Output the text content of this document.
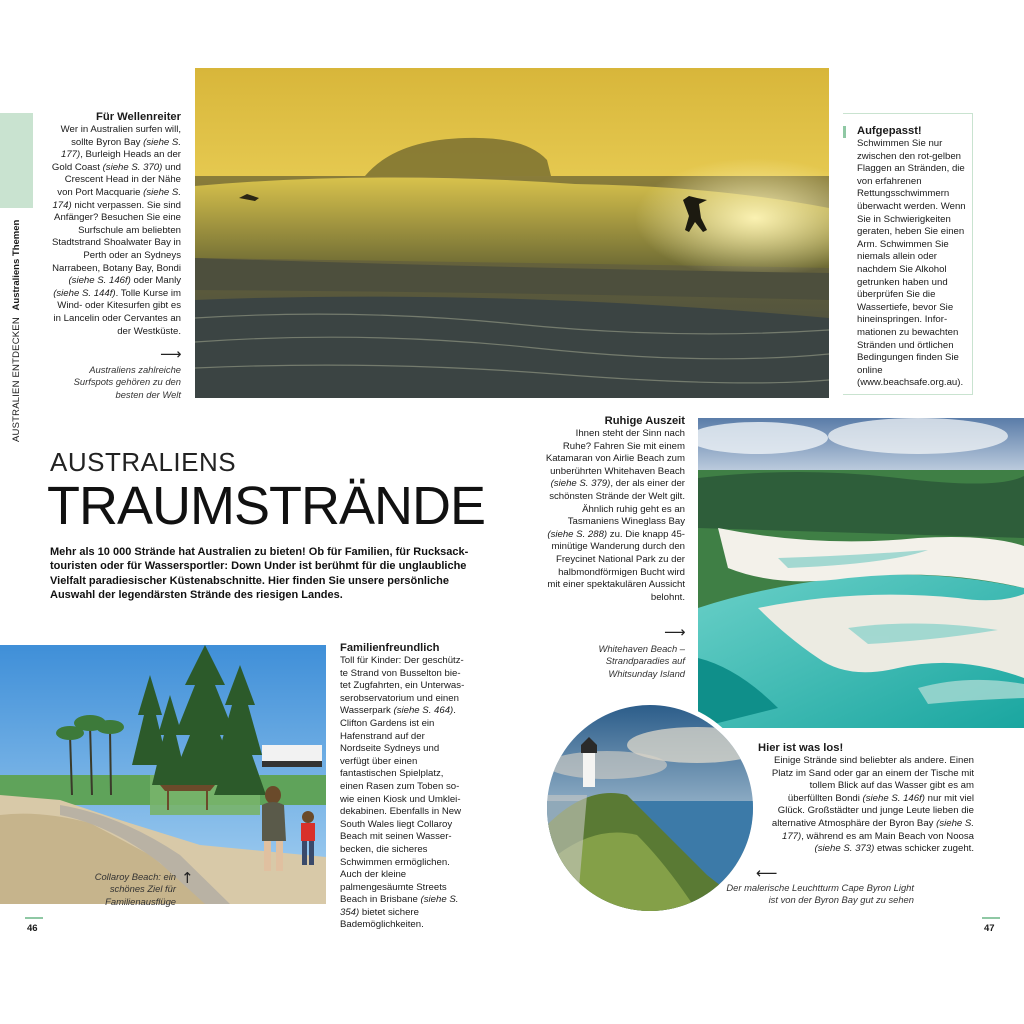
AUSTRALIEN ENTDECKEN Australiens Themen
Für Wellenreiter
Wer in Australien surfen will, sollte Byron Bay (siehe S. 177), Burleigh Heads an der Gold Coast (siehe S. 370) und Crescent Head in der Nähe von Port Macquarie (siehe S. 174) nicht verpassen. Sie sind Anfänger? Besuchen Sie eine Surfschule am beliebten Stadtstrand Shoalwater Bay in Perth oder an Sydneys Narrabeen, Botany Bay, Bondi (siehe S. 146f) oder Manly (siehe S. 144f). Tolle Kurse im Wind- oder Kitesurfen gibt es in Lancelin oder Cervantes an der Westküste.
⟶
Australiens zahlreiche Surfspots gehören zu den besten der Welt
Aufgepasst!
Schwimmen Sie nur zwischen den rot-gelben Flaggen an Stränden, die von erfahrenen Rettungsschwimmern überwacht werden. Wenn Sie in Schwierigkeiten geraten, heben Sie einen Arm. Schwimmen Sie niemals allein oder nachdem Sie Alkohol getrunken haben und überprüfen Sie die Wassertiefe, bevor Sie hineinspringen. Informationen zu bewachten Stränden und örtlichen Bedingungen finden Sie online (www.beachsafe.org.au).
AUSTRALIENS
TRAUMSTRÄNDE
Mehr als 10 000 Strände hat Australien zu bieten! Ob für Familien, für Rucksacktouristen oder für Wassersportler: Down Under ist berühmt für die unglaubliche Vielfalt paradiesischer Küstenabschnitte. Hier finden Sie unsere persönliche Auswahl der legendärsten Strände des riesigen Landes.
Ruhige Auszeit
Ihnen steht der Sinn nach Ruhe? Fahren Sie mit einem Katamaran von Airlie Beach zum unberührten Whitehaven Beach (siehe S. 379), der als einer der schönsten Strände der Welt gilt. Ähnlich ruhig geht es an Tasmaniens Wineglass Bay (siehe S. 288) zu. Die knapp 45-minütige Wanderung durch den Freycinet National Park zu der halbmondförmigen Bucht wird mit einer spektakulären Aussicht belohnt.
⟶
Whitehaven Beach – Strandparadies auf Whitsunday Island
Collaroy Beach: ein schönes Ziel für Familienausflüge
↑
Familienfreundlich
Toll für Kinder: Der geschützte Strand von Busselton bietet Zugfahrten, ein Unterwasserobservatorium und einen Wasserpark (siehe S. 464). Clifton Gardens ist ein Hafenstrand auf der Nordseite Sydneys und verfügt über einen fantastischen Spielplatz, einen Rasen zum Toben sowie einen Kiosk und Umkleidekabinen. Ebenfalls in New South Wales liegt Collaroy Beach mit seinen Wasserbecken, die sicheres Schwimmen ermöglichen. Auch der kleine palmengesäumte Streets Beach in Brisbane (siehe S. 354) bietet sichere Bademöglichkeiten.
Hier ist was los!
Einige Strände sind beliebter als andere. Einen Platz im Sand oder gar an einem der Tische mit tollem Blick auf das Wasser gibt es am überfüllten Bondi (siehe S. 146f) nur mit viel Glück. Großstädter und junge Leute lieben die alternative Atmosphäre der Byron Bay (siehe S. 177), während es am Main Beach von Noosa (siehe S. 373) etwas schicker zugeht.
⟵
Der malerische Leuchtturm Cape Byron Light ist von der Byron Bay gut zu sehen
46	47
